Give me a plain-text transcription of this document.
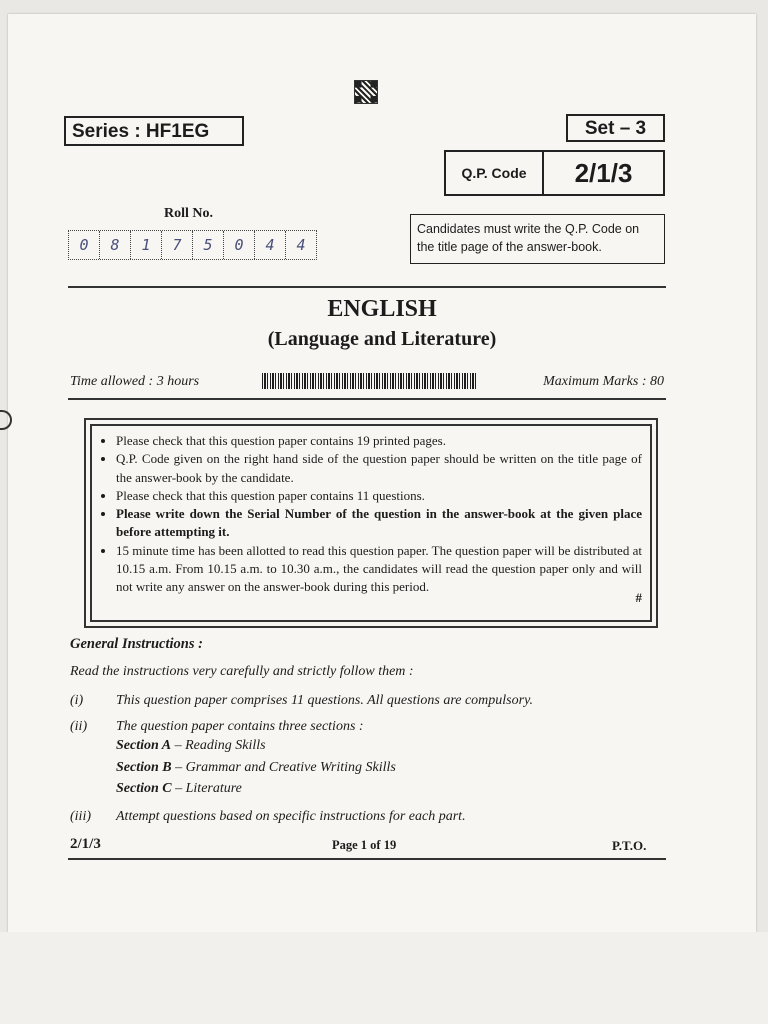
Series : HF1EG	Set – 3
Q.P. Code	2/1/3
Candidates must write the Q.P. Code on the title page of the answer-book.
Roll No.
0	8	1	7	5	0	4	4
ENGLISH
(Language and Literature)
Time allowed : 3 hours	Maximum Marks : 80
• Please check that this question paper contains 19 printed pages.
• Q.P. Code given on the right hand side of the question paper should be written on the title page of the answer-book by the candidate.
• Please check that this question paper contains 11 questions.
• Please write down the Serial Number of the question in the answer-book at the given place before attempting it.
• 15 minute time has been allotted to read this question paper. The question paper will be distributed at 10.15 a.m. From 10.15 a.m. to 10.30 a.m., the candidates will read the question paper only and will not write any answer on the answer-book during this period.
#
General Instructions :
Read the instructions very carefully and strictly follow them :
(i) This question paper comprises 11 questions. All questions are compulsory.
(ii) The question paper contains three sections :
Section A – Reading Skills
Section B – Grammar and Creative Writing Skills
Section C – Literature
(iii) Attempt questions based on specific instructions for each part.
2/1/3	Page 1 of 19	P.T.O.
